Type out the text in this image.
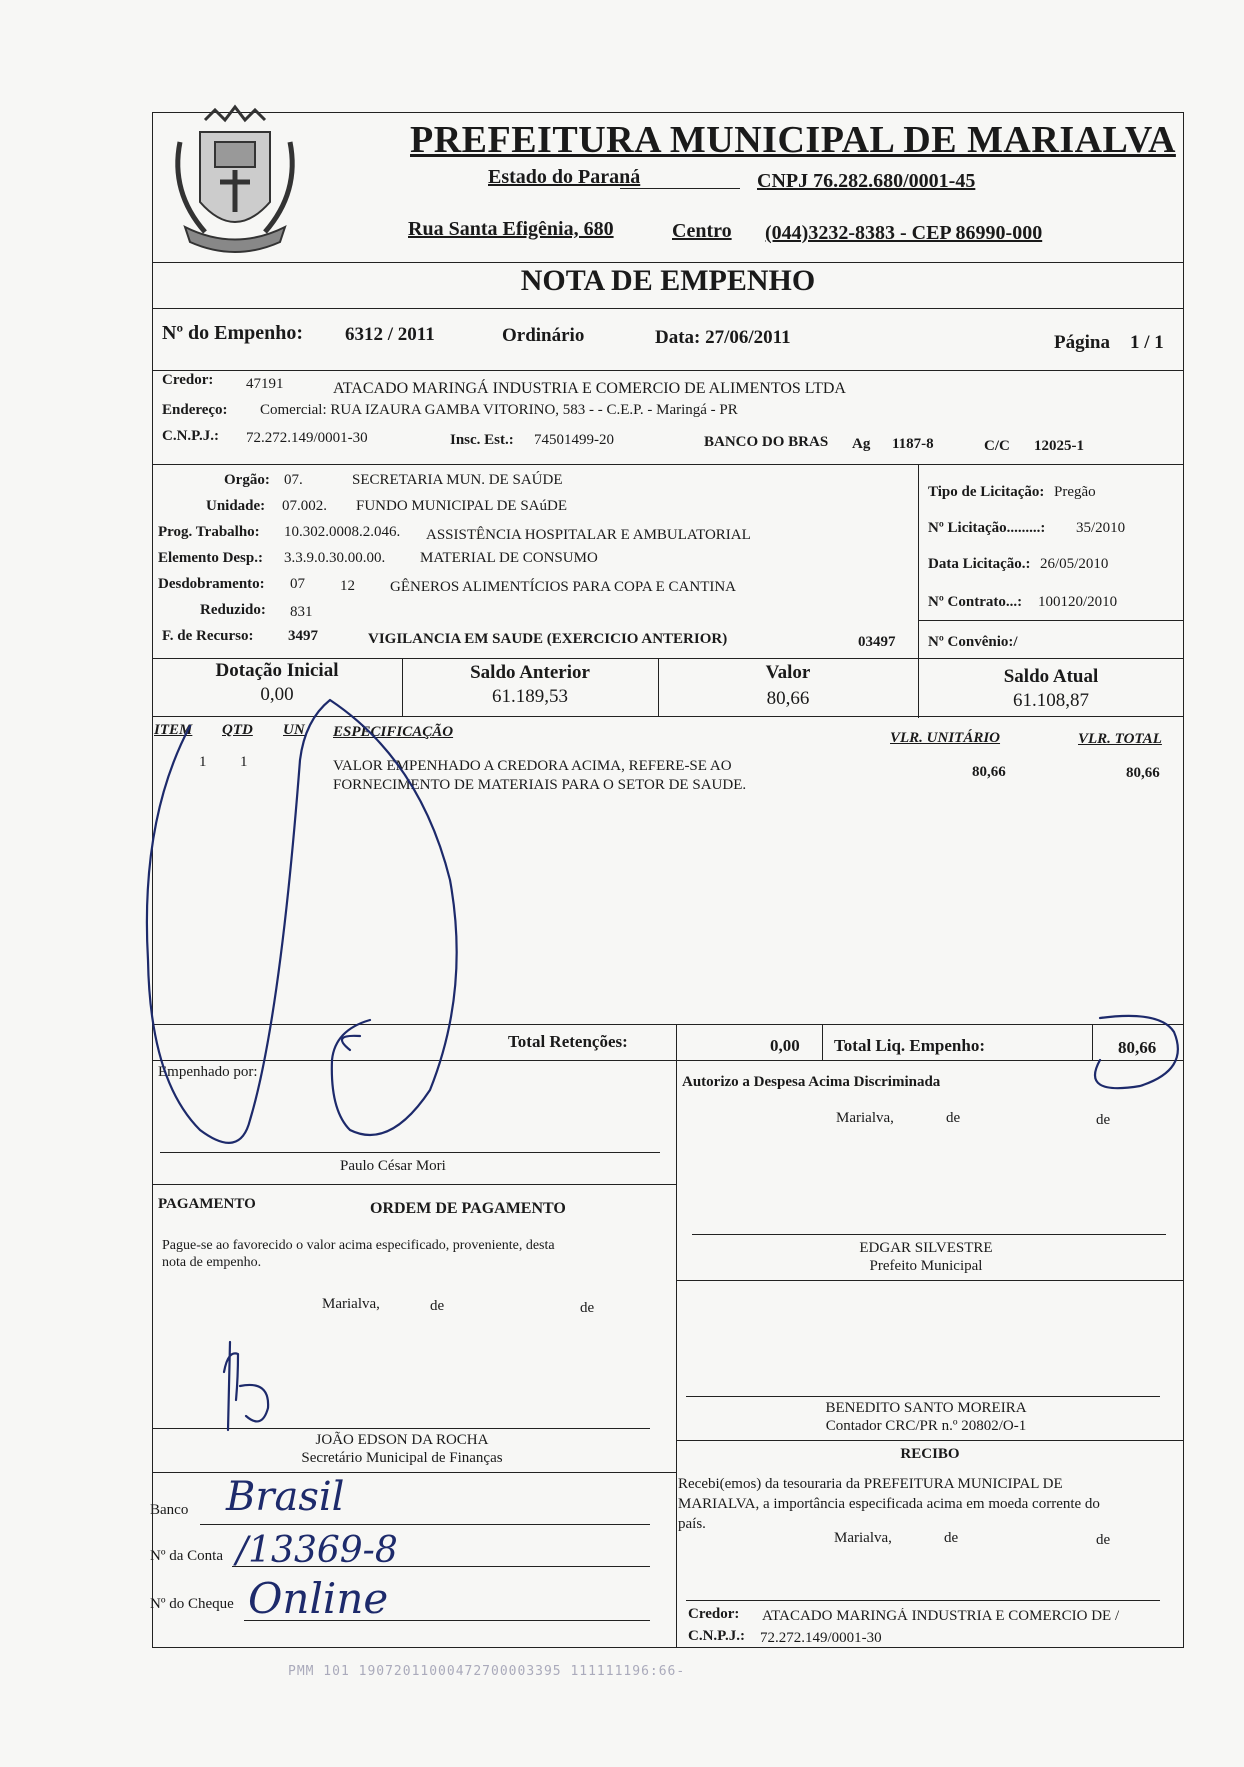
PREFEITURA MUNICIPAL DE MARIALVA
Estado do Paraná	CNPJ 76.282.680/0001-45
Rua Santa Efigênia, 680	Centro (044)3232-8383 - CEP 86990-000
NOTA DE EMPENHO
Nº do Empenho: 6312 / 2011	Ordinário	Data: 27/06/2011	Página 1 / 1
Credor: 47191	ATACADO MARINGÁ INDUSTRIA E COMERCIO DE ALIMENTOS LTDA
Endereço: Comercial: RUA IZAURA GAMBA VITORINO, 583 - - C.E.P. - Maringá - PR
C.N.P.J.: 72.272.149/0001-30	Insc. Est.: 74501499-20	BANCO DO BRAS Ag 1187-8	C/C 12025-1
Orgão: 07.	SECRETARIA MUN. DE SAÚDE
Unidade: 07.002. FUNDO MUNICIPAL DE SAúDE
Prog. Trabalho: 10.302.0008.2.046. ASSISTÊNCIA HOSPITALAR E AMBULATORIAL
Elemento Desp.: 3.3.9.0.30.00.00. MATERIAL DE CONSUMO
Desdobramento: 07 12 GÊNEROS ALIMENTÍCIOS PARA COPA E CANTINA
Reduzido: 831
F. de Recurso: 3497	VIGILANCIA EM SAUDE (EXERCICIO ANTERIOR)	03497
Tipo de Licitação: Pregão
Nº Licitação.........: 35/2010
Data Licitação.: 26/05/2010
Nº Contrato...: 100120/2010
Nº Convênio:/
Dotação Inicial
0,00
Saldo Anterior
61.189,53
Valor
80,66
Saldo Atual
61.108,87
ITEM QTD UN ESPECIFICAÇÃO	VLR. UNITÁRIO	VLR. TOTAL
1 1	VALOR EMPENHADO A CREDORA ACIMA, REFERE-SE AO
FORNECIMENTO DE MATERIAIS PARA O SETOR DE SAUDE.
80,66	80,66
Total Retenções:	0,00 Total Liq. Empenho:	80,66
Empenhado por:
Paulo César Mori
Autorizo a Despesa Acima Discriminada
Marialva,	de	de
EDGAR SILVESTRE
Prefeito Municipal
BENEDITO SANTO MOREIRA
Contador CRC/PR n.º 20802/O-1
PAGAMENTO	ORDEM DE PAGAMENTO
Pague-se ao favorecido o valor acima especificado, proveniente, desta
nota de empenho.
Marialva,	de	de
JOÃO EDSON DA ROCHA
Secretário Municipal de Finanças
Banco Brasil
Nº da Conta /13369-8
Nº do Cheque Online
RECIBO
Recebi(emos) da tesouraria da PREFEITURA MUNICIPAL DE
MARIALVA, a importância especificada acima em moeda corrente do
país.
Marialva,	de	de
Credor: ATACADO MARINGÁ INDUSTRIA E COMERCIO DE /
C.N.P.J.: 72.272.149/0001-30
PMM 101 19072011000472700003395 111111196:66-
